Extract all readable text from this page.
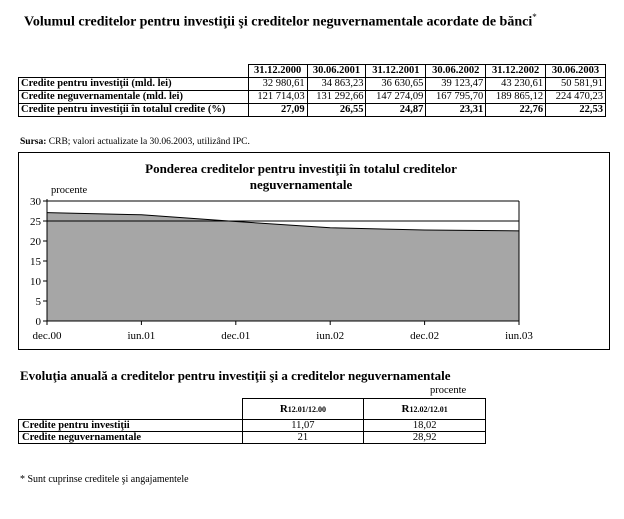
Volumul creditelor pentru investiţii şi creditelor neguvernamentale acordate de bănci*
	31.12.2000	30.06.2001	31.12.2001	30.06.2002	31.12.2002	30.06.2003
Credite pentru investiţii (mld. lei)	32 980,61	34 863,23	36 630,65	39 123,47	43 230,61	50 581,91
Credite neguvernamentale (mld. lei)	121 714,03	131 292,66	147 274,09	167 795,70	189 865,12	224 470,23
Credite pentru investiţii în totalul credite (%)	27,09	26,55	24,87	23,31	22,76	22,53
Sursa: CRB; valori actualizate la 30.06.2003, utilizând IPC.
Ponderea creditelor pentru investiţii în totalul creditelor
neguvernamentale
procente
0
5
10
15
20
25
30
dec.00	iun.01	dec.01	iun.02	dec.02	iun.03
Evoluţia anuală a creditelor pentru investiţii şi a creditelor neguvernamentale
procente
	R12.01/12.00	R12.02/12.01
Credite pentru investiţii	11,07	18,02
Credite neguvernamentale	21	28,92
* Sunt cuprinse creditele şi angajamentele
